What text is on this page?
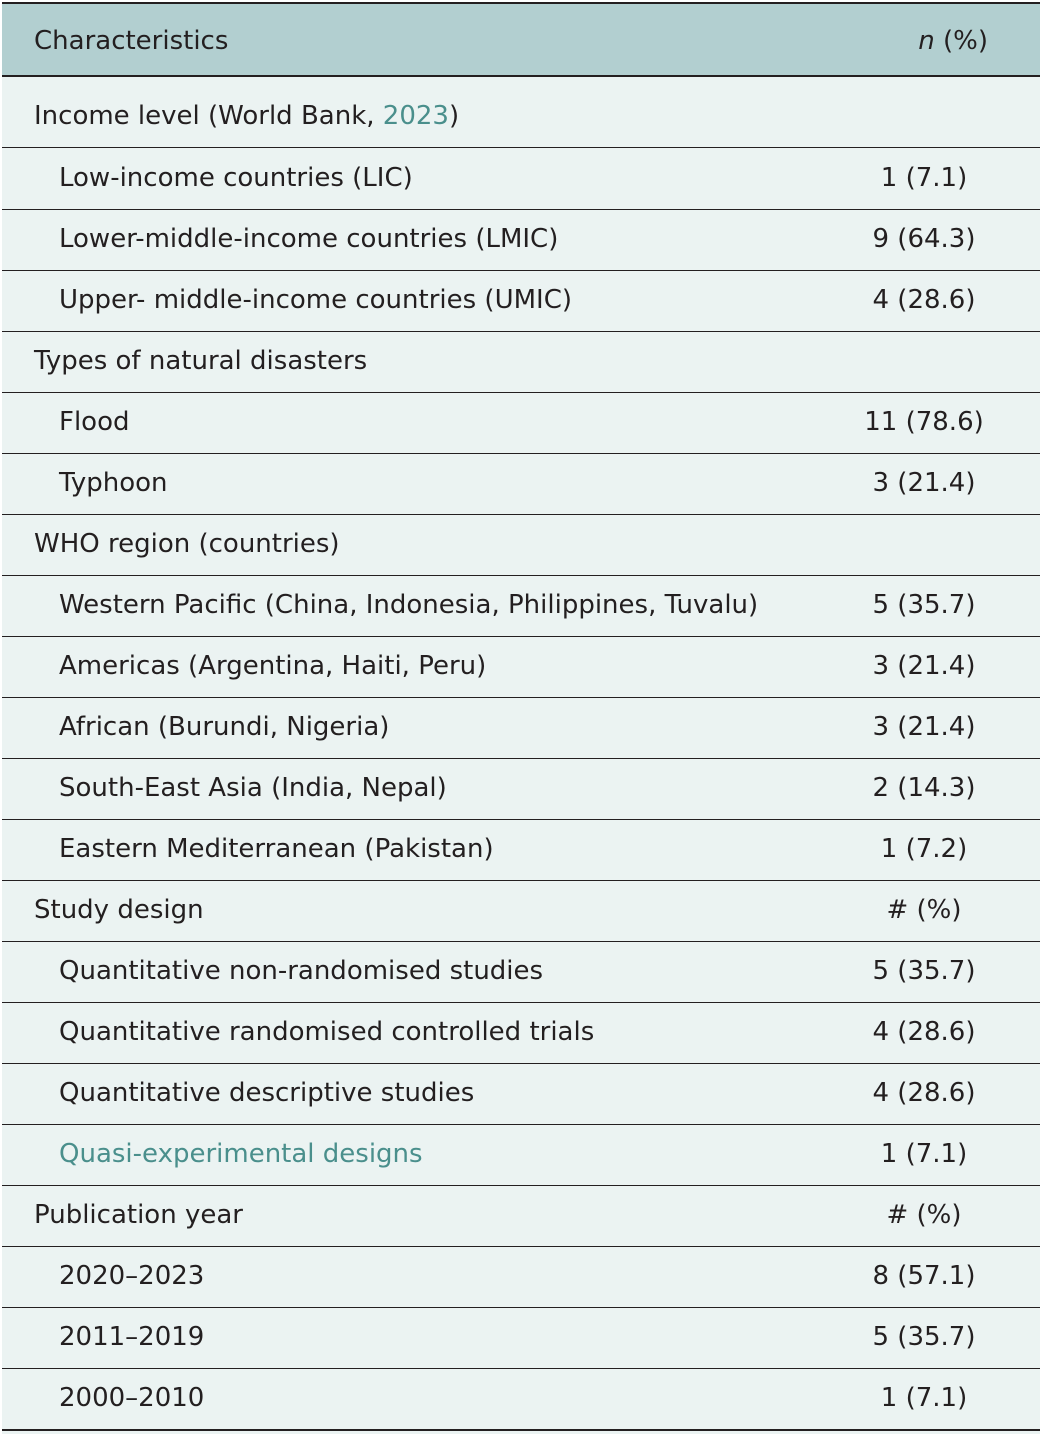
Characteristics	n (%)
Income level (World Bank, 2023)
Low-income countries (LIC)	1 (7.1)
Lower-middle-income countries (LMIC)	9 (64.3)
Upper- middle-income countries (UMIC)	4 (28.6)
Types of natural disasters
Flood	11 (78.6)
Typhoon	3 (21.4)
WHO region (countries)
Western Pacific (China, Indonesia, Philippines, Tuvalu)	5 (35.7)
Americas (Argentina, Haiti, Peru)	3 (21.4)
African (Burundi, Nigeria)	3 (21.4)
South-East Asia (India, Nepal)	2 (14.3)
Eastern Mediterranean (Pakistan)	1 (7.2)
Study design	# (%)
Quantitative non-randomised studies	5 (35.7)
Quantitative randomised controlled trials	4 (28.6)
Quantitative descriptive studies	4 (28.6)
Quasi-experimental designs	1 (7.1)
Publication year	# (%)
2020–2023	8 (57.1)
2011–2019	5 (35.7)
2000–2010	1 (7.1)
